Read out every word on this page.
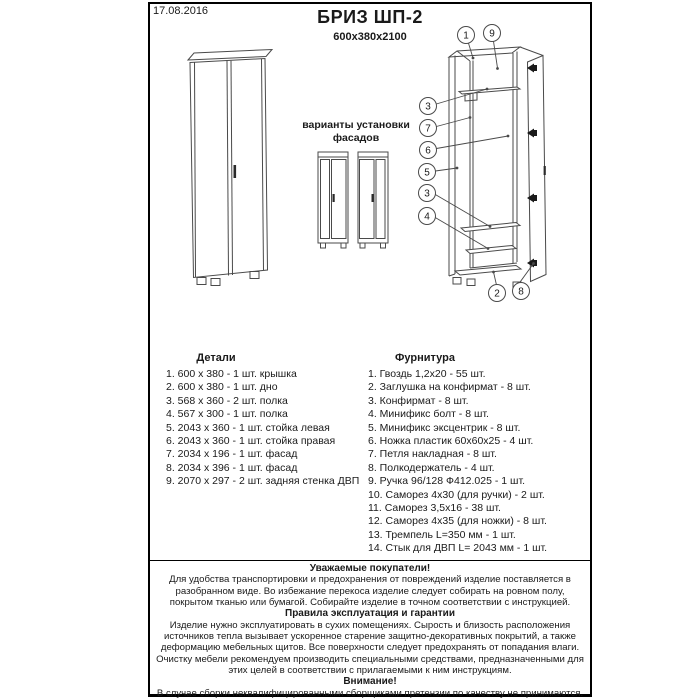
17.08.2016	БРИЗ ШП-2
600x380x2100
варианты установки
фасадов
1 9
3
7
6
5
3
4
2 8
Детали
1. 600 x 380 - 1 шт. крышка
2. 600 x 380 - 1 шт. дно
3. 568 x 360 - 2 шт. полка
4. 567 x 300 - 1 шт. полка
5. 2043 x 360 - 1 шт. стойка левая
6. 2043 x 360 - 1 шт. стойка правая
7. 2034 x 196 - 1 шт. фасад
8. 2034 x 396 - 1 шт. фасад
9. 2070 x 297 - 2 шт. задняя стенка ДВП
Фурнитура
1. Гвоздь 1,2х20 - 55 шт.
2. Заглушка на конфирмат - 8 шт.
3. Конфирмат - 8 шт.
4. Минификс болт - 8 шт.
5. Минификс эксцентрик - 8 шт.
6. Ножка пластик 60х60х25 - 4 шт.
7. Петля накладная - 8 шт.
8. Полкодержатель - 4 шт.
9. Ручка 96/128 Ф412.025 - 1 шт.
10. Саморез 4х30 (для ручки) - 2 шт.
11. Саморез 3,5х16 - 38 шт.
12. Саморез 4х35 (для ножки) - 8 шт.
13. Тремпель L=350 мм - 1 шт.
14. Стык для ДВП L= 2043 мм - 1 шт.
Уважаемые покупатели!
Для удобства транспортировки и предохранения от повреждений изделие поставляется в разобранном виде. Во избежание перекоса изделие следует собирать на ровном полу, покрытом тканью или бумагой. Собирайте изделие в точном соответствии с инструкцией.
Правила эксплуатация и гарантии
Изделие нужно эксплуатировать в сухих помещениях. Сырость и близость расположения источников тепла вызывает ускоренное старение защитно-декоративных покрытий, а также деформацию мебельных щитов. Все поверхности следует предохранять от попадания влаги. Очистку мебели рекомендуем производить специальными средствами, предназначенными для этих целей в соответствии с прилагаемыми к ним инструкциям.
Внимание!
В случае сборки неквалифицированными сборщиками претензии по качеству не принимаются.
